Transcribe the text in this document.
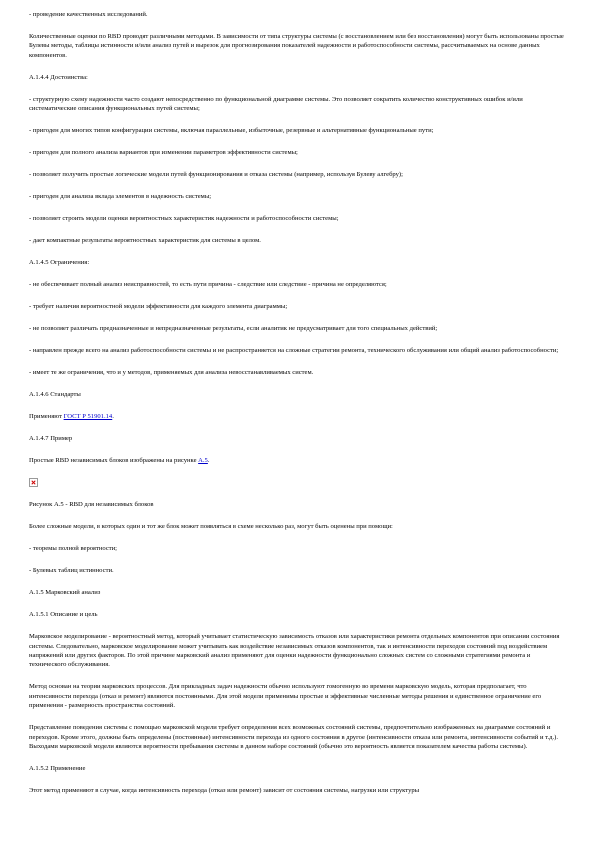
- проведение качественных исследований.

Количественные оценки по RBD проводят различными методами. В зависимости от типа структуры системы (с восстановлением или без восстановления) могут быть использованы простые Булевы методы, таблицы истинности и/или анализ путей и вырезок для прогнозирования показателей надежности и работоспособности системы, рассчитываемых на основе данных компонентов.

A.1.4.4 Достоинства:

- структурную схему надежности часто создают непосредственно по функциональной диаграмме системы. Это позволяет сократить количество конструктивных ошибок и/или систематические описания функциональных путей системы;

- пригоден для многих типов конфигурации системы, включая параллельные, избыточные, резервные и альтернативные функциональные пути;

- пригоден для полного анализа вариантов при изменении параметров эффективности системы;

- позволяет получить простые логические модели путей функционирования и отказа системы (например, используя Булеву алгебру);

- пригоден для анализа вклада элементов в надежность системы;

- позволяет строить модели оценки вероятностных характеристик надежности и работоспособности системы;

- дает компактные результаты вероятностных характеристик для системы в целом.

A.1.4.5 Ограничения:

- не обеспечивает полный анализ неисправностей, то есть пути причина - следствие или следствие - причина не определяются;

- требует наличия вероятностной модели эффективности для каждого элемента диаграммы;

- не позволяет различать предназначенные и непредназначенные результаты, если аналитик не предусматривает для того специальных действий;

- направлен прежде всего на анализ работоспособности системы и не распространяется на сложные стратегии ремонта, технического обслуживания или общий анализ работоспособности;

- имеет те же ограничения, что и у методов, применяемых для анализа невосстанавливаемых систем.

A.1.4.6 Стандарты

Применяют ГОСТ Р 51901.14.

A.1.4.7 Пример

Простые RBD независимых блоков изображены на рисунке А.5.

Рисунок A.5 - RBD для независимых блоков

Более сложные модели, в которых один и тот же блок может появляться в схеме несколько раз, могут быть оценены при помощи:

- теоремы полной вероятности;

- Булевых таблиц истинности.

A.1.5 Марковский анализ

A.1.5.1 Описание и цель

Марковское моделирование - вероятностный метод, который учитывает статистическую зависимость отказов или характеристики ремонта отдельных компонентов при описании состояния системы. Следовательно, марковское моделирование может учитывать как воздействие независимых отказов компонентов, так и интенсивности переходов состояний под воздействием напряжений или других факторов. По этой причине марковский анализ применяют для оценки надежности функционально сложных систем со сложными стратегиями ремонта и технического обслуживания.

Метод основан на теории марковских процессов. Для прикладных задач надежности обычно используют гомогенную во времени марковскую модель, которая предполагает, что интенсивности перехода (отказ и ремонт) являются постоянными. Для этой модели применимы простые и эффективные численные методы решения и единственное ограничение его применения - размерность пространства состояний.

Представление поведения системы с помощью марковской модели требует определения всех возможных состояний системы, предпочтительно изображенных на диаграмме состояний и переходов. Кроме этого, должны быть определены (постоянные) интенсивности перехода из одного состояния в другое (интенсивности отказа или ремонта, интенсивности событий и т.д.). Выходами марковской модели являются вероятности пребывания системы в данном наборе состояний (обычно это вероятность является показателем качества работы системы).

A.1.5.2 Применение

Этот метод применяют в случае, когда интенсивность перехода (отказ или ремонт) зависит от состояния системы, нагрузки или структуры
